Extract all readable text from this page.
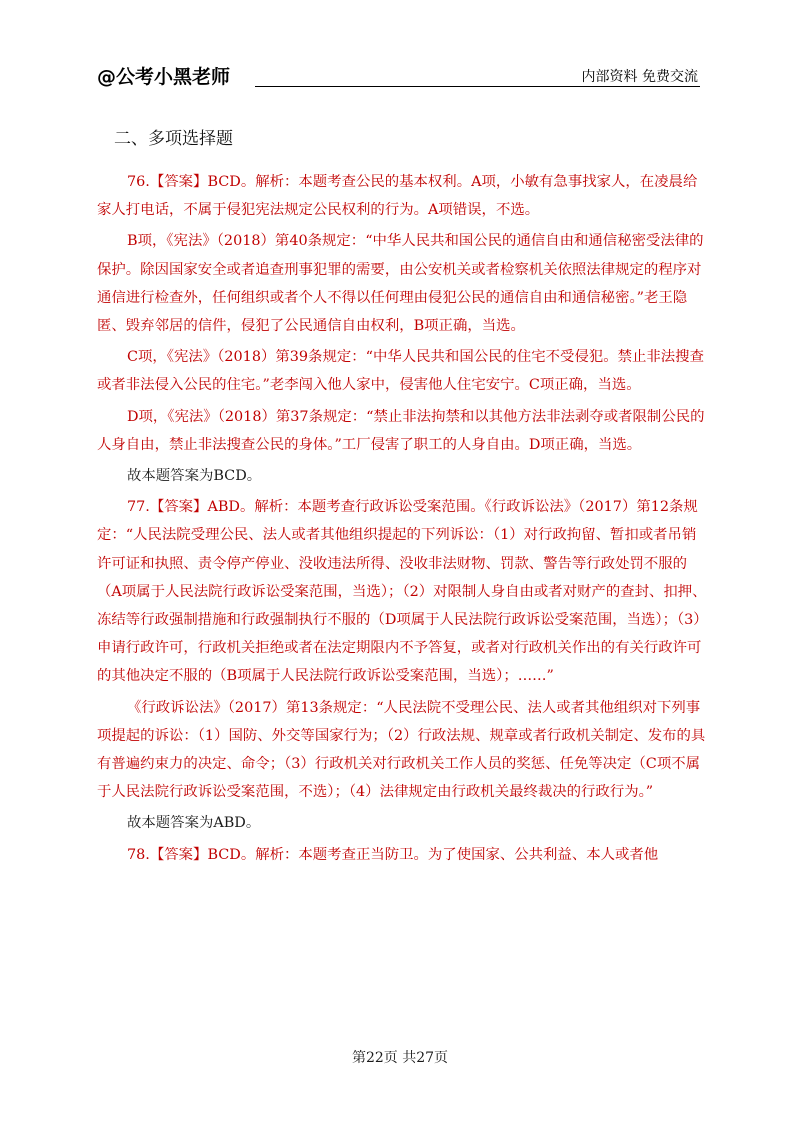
@公考小黑老师	内部资料 免费交流
二、多项选择题

76.【答案】BCD。解析：本题考查公民的基本权利。A项，小敏有急事找家人，在凌晨给家人打电话，不属于侵犯宪法规定公民权利的行为。A项错误，不选。

B项，《宪法》（2018）第40条规定：“中华人民共和国公民的通信自由和通信秘密受法律的保护。除因国家安全或者追查刑事犯罪的需要，由公安机关或者检察机关依照法律规定的程序对通信进行检查外，任何组织或者个人不得以任何理由侵犯公民的通信自由和通信秘密。”老王隐匿、毁弃邻居的信件，侵犯了公民通信自由权利，B项正确，当选。

C项，《宪法》（2018）第39条规定：“中华人民共和国公民的住宅不受侵犯。禁止非法搜查或者非法侵入公民的住宅。”老李闯入他人家中，侵害他人住宅安宁。C项正确，当选。

D项，《宪法》（2018）第37条规定：“禁止非法拘禁和以其他方法非法剥夺或者限制公民的人身自由，禁止非法搜查公民的身体。”工厂侵害了职工的人身自由。D项正确，当选。

故本题答案为BCD。

77.【答案】ABD。解析：本题考查行政诉讼受案范围。《行政诉讼法》（2017）第12条规定：“人民法院受理公民、法人或者其他组织提起的下列诉讼：（1）对行政拘留、暂扣或者吊销许可证和执照、责令停产停业、没收违法所得、没收非法财物、罚款、警告等行政处罚不服的（A项属于人民法院行政诉讼受案范围，当选）；（2）对限制人身自由或者对财产的查封、扣押、冻结等行政强制措施和行政强制执行不服的（D项属于人民法院行政诉讼受案范围，当选）；（3）申请行政许可，行政机关拒绝或者在法定期限内不予答复，或者对行政机关作出的有关行政许可的其他决定不服的（B项属于人民法院行政诉讼受案范围，当选）；……”

《行政诉讼法》（2017）第13条规定：“人民法院不受理公民、法人或者其他组织对下列事项提起的诉讼：（1）国防、外交等国家行为；（2）行政法规、规章或者行政机关制定、发布的具有普遍约束力的决定、命令；（3）行政机关对行政机关工作人员的奖惩、任免等决定（C项不属于人民法院行政诉讼受案范围，不选）；（4）法律规定由行政机关最终裁决的行政行为。”

故本题答案为ABD。

78.【答案】BCD。解析：本题考查正当防卫。为了使国家、公共利益、本人或者他

第22页 共27页
